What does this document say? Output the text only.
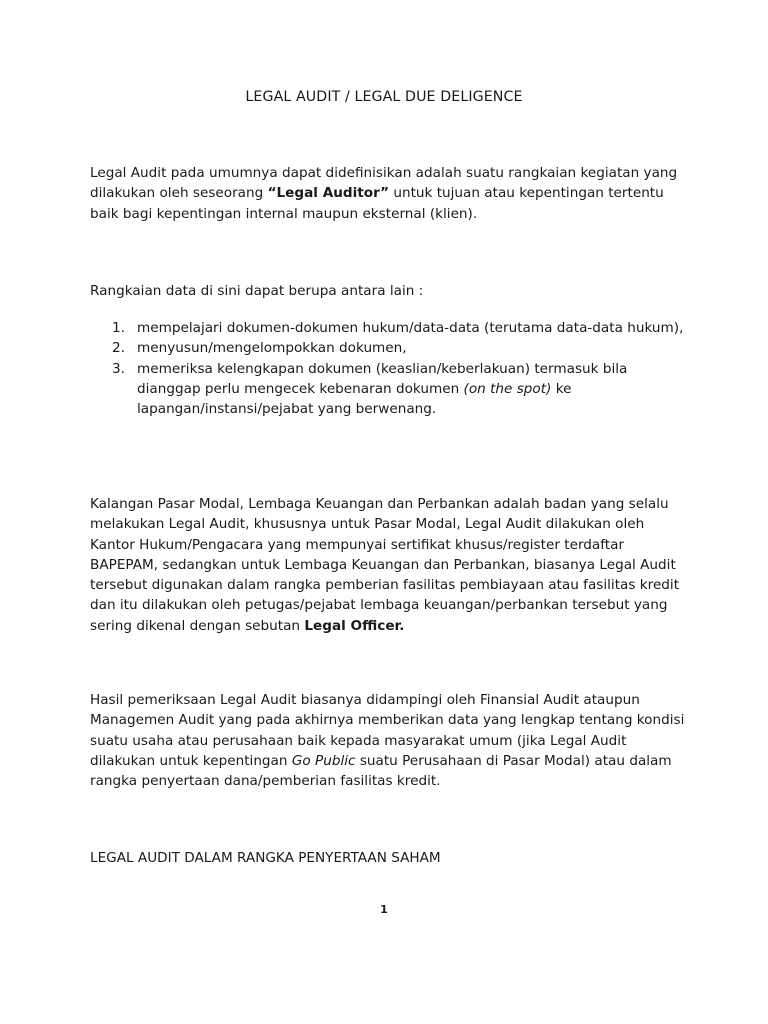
LEGAL AUDIT / LEGAL DUE DELIGENCE

Legal Audit pada umumnya dapat didefinisikan adalah suatu rangkaian kegiatan yang dilakukan oleh seseorang “Legal Auditor” untuk tujuan atau kepentingan tertentu baik bagi kepentingan internal maupun eksternal (klien).

Rangkaian data di sini dapat berupa antara lain :

1. mempelajari dokumen-dokumen hukum/data-data (terutama data-data hukum),
2. menyusun/mengelompokkan dokumen,
3. memeriksa kelengkapan dokumen (keaslian/keberlakuan) termasuk bila dianggap perlu mengecek kebenaran dokumen (on the spot) ke lapangan/instansi/pejabat yang berwenang.

Kalangan Pasar Modal, Lembaga Keuangan dan Perbankan adalah badan yang selalu melakukan Legal Audit, khususnya untuk Pasar Modal, Legal Audit dilakukan oleh Kantor Hukum/Pengacara yang mempunyai sertifikat khusus/register terdaftar BAPEPAM, sedangkan untuk Lembaga Keuangan dan Perbankan, biasanya Legal Audit tersebut digunakan dalam rangka pemberian fasilitas pembiayaan atau fasilitas kredit dan itu dilakukan oleh petugas/pejabat lembaga keuangan/perbankan tersebut yang sering dikenal dengan sebutan Legal Officer.

Hasil pemeriksaan Legal Audit biasanya didampingi oleh Finansial Audit ataupun Managemen Audit yang pada akhirnya memberikan data yang lengkap tentang kondisi suatu usaha atau perusahaan baik kepada masyarakat umum (jika Legal Audit dilakukan untuk kepentingan Go Public suatu Perusahaan di Pasar Modal) atau dalam rangka penyertaan dana/pemberian fasilitas kredit.

LEGAL AUDIT DALAM RANGKA PENYERTAAN SAHAM
1
